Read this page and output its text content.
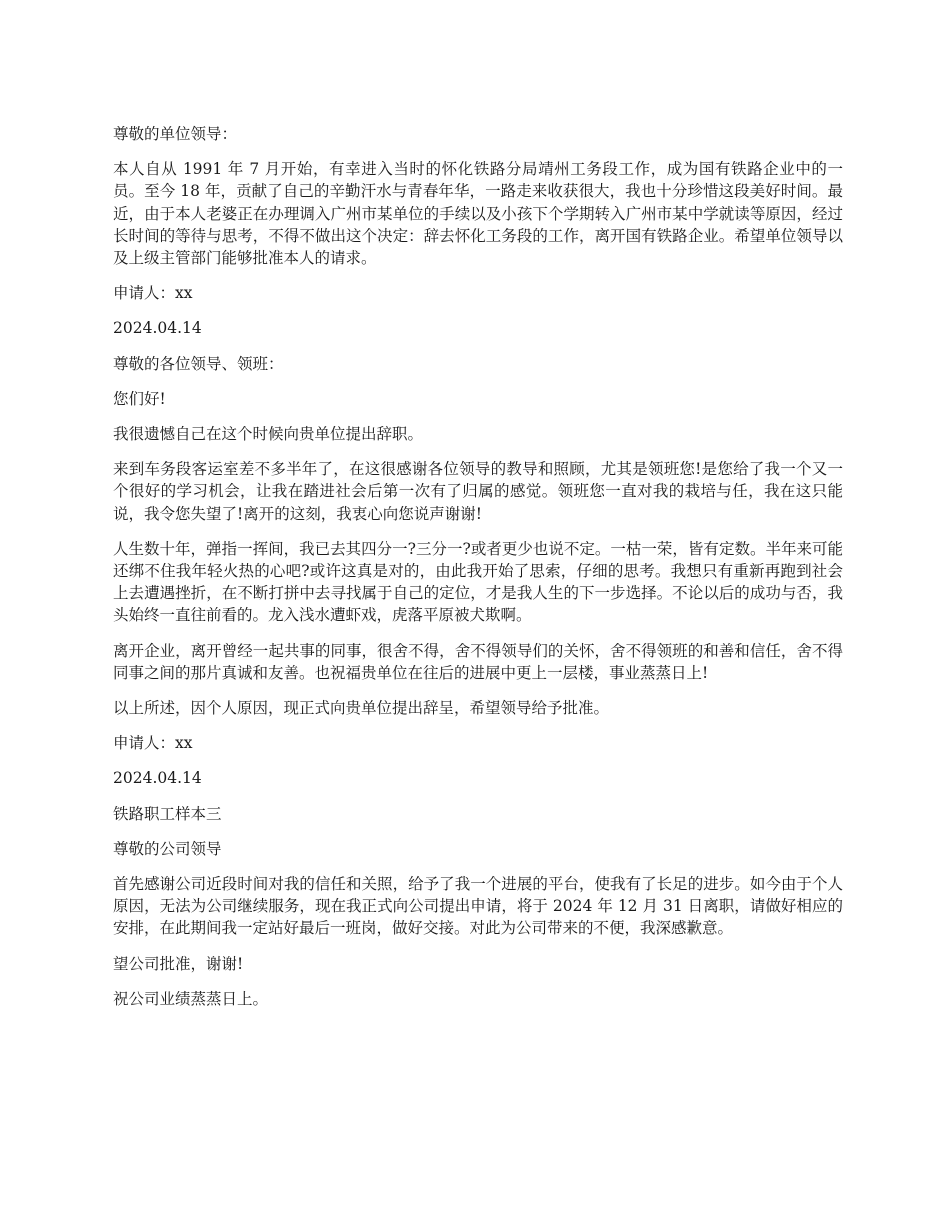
尊敬的单位领导：

本人自从 1991 年 7 月开始，有幸进入当时的怀化铁路分局靖州工务段工作，成为国有铁路企业中的一员。至今 18 年，贡献了自己的辛勤汗水与青春年华，一路走来收获很大，我也十分珍惜这段美好时间。最近，由于本人老婆正在办理调入广州市某单位的手续以及小孩下个学期转入广州市某中学就读等原因，经过长时间的等待与思考，不得不做出这个决定：辞去怀化工务段的工作，离开国有铁路企业。希望单位领导以及上级主管部门能够批准本人的请求。

申请人：xx

2024.04.14

尊敬的各位领导、领班：

您们好!

我很遗憾自己在这个时候向贵单位提出辞职。

来到车务段客运室差不多半年了，在这很感谢各位领导的教导和照顾，尤其是领班您!是您给了我一个又一个很好的学习机会，让我在踏进社会后第一次有了归属的感觉。领班您一直对我的栽培与任，我在这只能说，我令您失望了!离开的这刻，我衷心向您说声谢谢!

人生数十年，弹指一挥间，我已去其四分一?三分一?或者更少也说不定。一枯一荣，皆有定数。半年来可能还绑不住我年轻火热的心吧?或许这真是对的，由此我开始了思索，仔细的思考。我想只有重新再跑到社会上去遭遇挫折，在不断打拼中去寻找属于自己的定位，才是我人生的下一步选择。不论以后的成功与否，我头始终一直往前看的。龙入浅水遭虾戏，虎落平原被犬欺啊。

离开企业，离开曾经一起共事的同事，很舍不得，舍不得领导们的关怀，舍不得领班的和善和信任，舍不得同事之间的那片真诚和友善。也祝福贵单位在往后的进展中更上一层楼，事业蒸蒸日上!

以上所述，因个人原因，现正式向贵单位提出辞呈，希望领导给予批准。

申请人：xx

2024.04.14

铁路职工样本三

尊敬的公司领导

首先感谢公司近段时间对我的信任和关照，给予了我一个进展的平台，使我有了长足的进步。如今由于个人原因，无法为公司继续服务，现在我正式向公司提出申请，将于 2024 年 12 月 31 日离职，请做好相应的安排，在此期间我一定站好最后一班岗，做好交接。对此为公司带来的不便，我深感歉意。

望公司批准，谢谢!

祝公司业绩蒸蒸日上。
